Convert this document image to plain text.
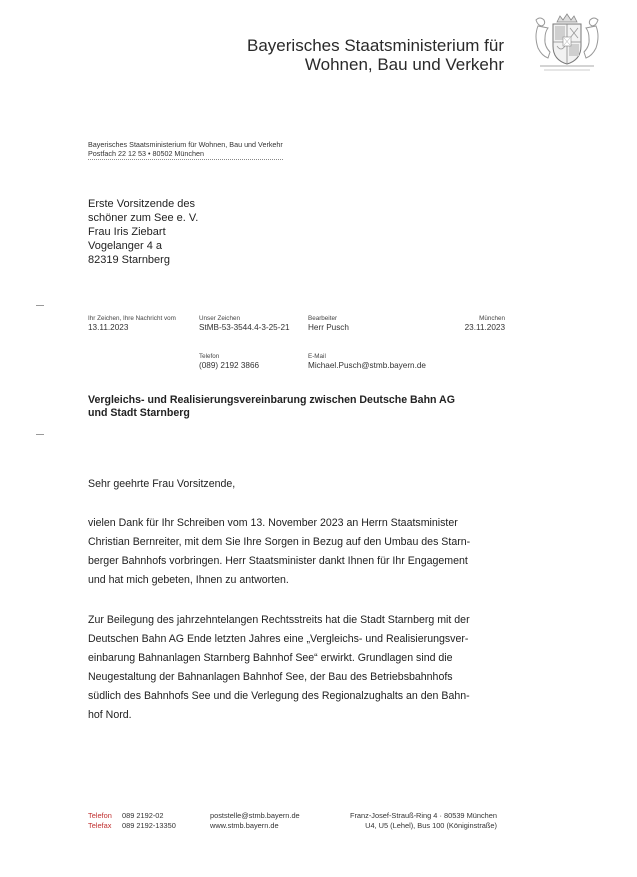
Bayerisches Staatsministerium für
Wohnen, Bau und Verkehr
Bayerisches Staatsministerium für Wohnen, Bau und Verkehr
Postfach 22 12 53 • 80502 München
Erste Vorsitzende des
schöner zum See e. V.
Frau Iris Ziebart
Vogelanger 4 a
82319 Starnberg
Ihr Zeichen, Ihre Nachricht vom
13.11.2023
Unser Zeichen
StMB-53-3544.4-3-25-21
Bearbeiter
Herr Pusch
München
23.11.2023
Telefon
(089) 2192 3866
E-Mail
Michael.Pusch@stmb.bayern.de
Vergleichs- und Realisierungsvereinbarung zwischen Deutsche Bahn AG
und Stadt Starnberg
Sehr geehrte Frau Vorsitzende,
vielen Dank für Ihr Schreiben vom 13. November 2023 an Herrn Staatsminister
Christian Bernreiter, mit dem Sie Ihre Sorgen in Bezug auf den Umbau des Starn-
berger Bahnhofs vorbringen. Herr Staatsminister dankt Ihnen für Ihr Engagement
und hat mich gebeten, Ihnen zu antworten.
Zur Beilegung des jahrzehntelangen Rechtsstreits hat die Stadt Starnberg mit der
Deutschen Bahn AG Ende letzten Jahres eine „Vergleichs- und Realisierungsver-
einbarung Bahnanlagen Starnberg Bahnhof See“ erwirkt. Grundlagen sind die
Neugestaltung der Bahnanlagen Bahnhof See, der Bau des Betriebsbahnhofs
südlich des Bahnhofs See und die Verlegung des Regionalzughalts an den Bahn-
hof Nord.
Telefon
Telefax
089 2192-02
089 2192-13350
poststelle@stmb.bayern.de
www.stmb.bayern.de
Franz-Josef-Strauß-Ring 4 · 80539 München
U4, U5 (Lehel), Bus 100 (Königinstraße)
